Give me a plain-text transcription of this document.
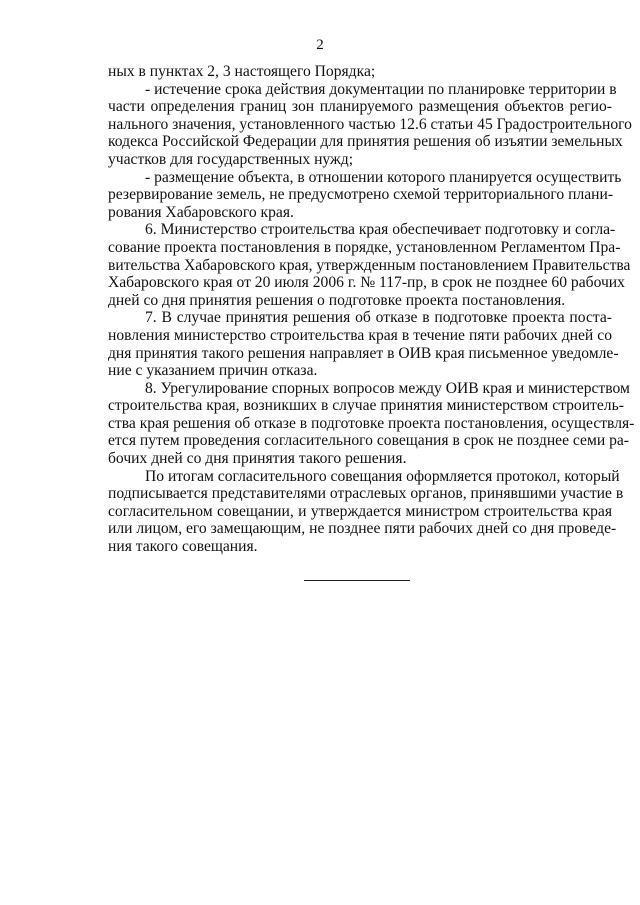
2
ных в пунктах 2, 3 настоящего Порядка;
- истечение срока действия документации по планировке территории в
части определения границ зон планируемого размещения объектов регио-
нального значения, установленного частью 12.6 статьи 45 Градостроительного
кодекса Российской Федерации для принятия решения об изъятии земельных
участков для государственных нужд;
- размещение объекта, в отношении которого планируется осуществить
резервирование земель, не предусмотрено схемой территориального плани-
рования Хабаровского края.
6. Министерство строительства края обеспечивает подготовку и согла-
сование проекта постановления в порядке, установленном Регламентом Пра-
вительства Хабаровского края, утвержденным постановлением Правительства
Хабаровского края от 20 июля 2006 г. № 117-пр, в срок не позднее 60 рабочих
дней со дня принятия решения о подготовке проекта постановления.
7. В случае принятия решения об отказе в подготовке проекта поста-
новления министерство строительства края в течение пяти рабочих дней со
дня принятия такого решения направляет в ОИВ края письменное уведомле-
ние с указанием причин отказа.
8. Урегулирование спорных вопросов между ОИВ края и министерством
строительства края, возникших в случае принятия министерством строитель-
ства края решения об отказе в подготовке проекта постановления, осуществля-
ется путем проведения согласительного совещания в срок не позднее семи ра-
бочих дней со дня принятия такого решения.
По итогам согласительного совещания оформляется протокол, который
подписывается представителями отраслевых органов, принявшими участие в
согласительном совещании, и утверждается министром строительства края
или лицом, его замещающим, не позднее пяти рабочих дней со дня проведе-
ния такого совещания.
